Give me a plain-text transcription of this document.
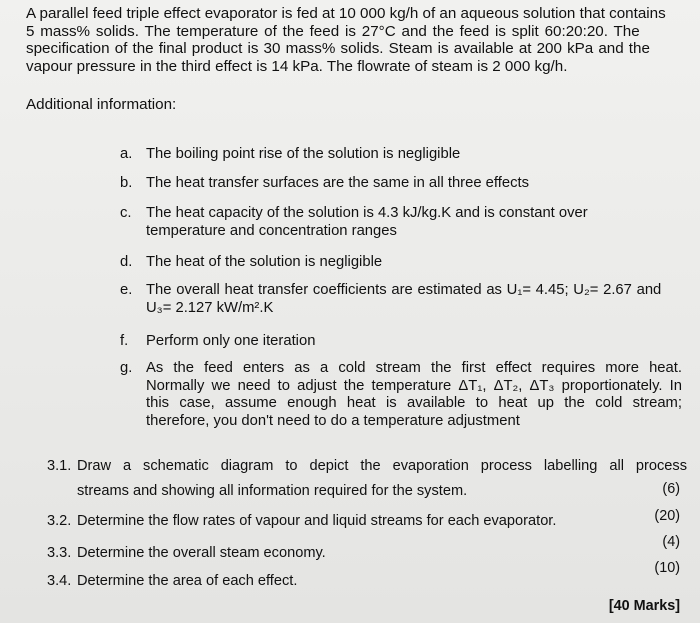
A parallel feed triple effect evaporator is fed at 10 000 kg/h of an aqueous solution that contains
5 mass% solids. The temperature of the feed is 27°C and the feed is split 60:20:20. The
specification of the final product is 30 mass% solids. Steam is available at 200 kPa and the
vapour pressure in the third effect is 14 kPa. The flowrate of steam is 2 000 kg/h.

Additional information:

a. The boiling point rise of the solution is negligible
b. The heat transfer surfaces are the same in all three effects
c. The heat capacity of the solution is 4.3 kJ/kg.K and is constant over
temperature and concentration ranges
d. The heat of the solution is negligible
e. The overall heat transfer coefficients are estimated as U₁= 4.45; U₂= 2.67 and
U₃= 2.127 kW/m².K
f.	Perform only one iteration
g. As the feed enters as a cold stream the first effect requires more heat.
Normally we need to adjust the temperature ΔT₁, ΔT₂, ΔT₃ proportionately. In
this case, assume enough heat is available to heat up the cold stream;
therefore, you don't need to do a temperature adjustment
3.1. Draw a schematic diagram to depict the evaporation process labelling all process
streams and showing all information required for the system.	(6)
3.2. Determine the flow rates of vapour and liquid streams for each evaporator.	(20)
3.3. Determine the overall steam economy.
(4)
3.4. Determine the area of each effect.
(10)
[40 Marks]
